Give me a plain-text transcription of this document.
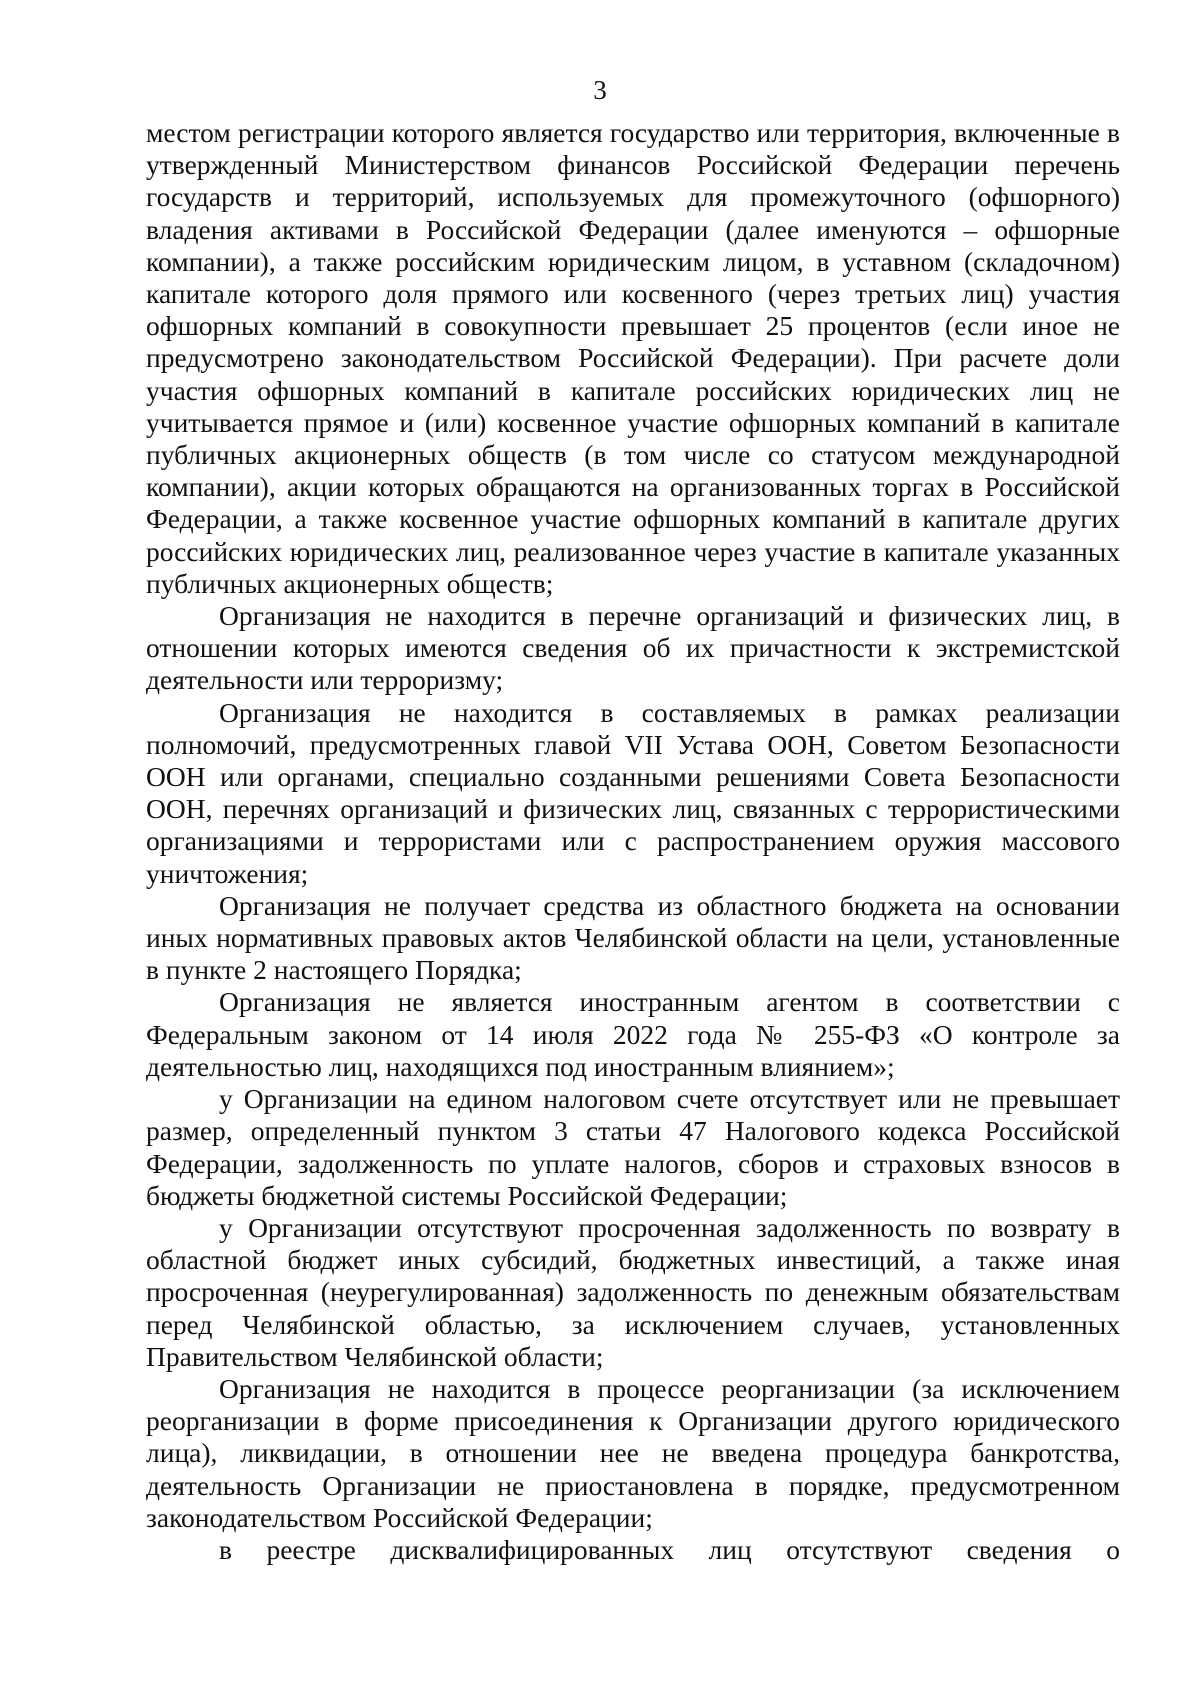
3

местом регистрации которого является государство или территория, включенные в утвержденный Министерством финансов Российской Федерации перечень государств и территорий, используемых для промежуточного (офшорного) владения активами в Российской Федерации (далее именуются – офшорные компании), а также российским юридическим лицом, в уставном (складочном) капитале которого доля прямого или косвенного (через третьих лиц) участия офшорных компаний в совокупности превышает 25 процентов (если иное не предусмотрено законодательством Российской Федерации). При расчете доли участия офшорных компаний в капитале российских юридических лиц не учитывается прямое и (или) косвенное участие офшорных компаний в капитале публичных акционерных обществ (в том числе со статусом международной компании), акции которых обращаются на организованных торгах в Российской Федерации, а также косвенное участие офшорных компаний в капитале других российских юридических лиц, реализованное через участие в капитале указанных публичных акционерных обществ;

Организация не находится в перечне организаций и физических лиц, в отношении которых имеются сведения об их причастности к экстремистской деятельности или терроризму;

Организация не находится в составляемых в рамках реализации полномочий, предусмотренных главой VII Устава ООН, Советом Безопасности ООН или органами, специально созданными решениями Совета Безопасности ООН, перечнях организаций и физических лиц, связанных с террористическими организациями и террористами или с распространением оружия массового уничтожения;

Организация не получает средства из областного бюджета на основании иных нормативных правовых актов Челябинской области на цели, установленные в пункте 2 настоящего Порядка;

Организация не является иностранным агентом в соответствии с Федеральным законом от 14 июля 2022 года № 255-ФЗ «О контроле за деятельностью лиц, находящихся под иностранным влиянием»;

у Организации на едином налоговом счете отсутствует или не превышает размер, определенный пунктом 3 статьи 47 Налогового кодекса Российской Федерации, задолженность по уплате налогов, сборов и страховых взносов в бюджеты бюджетной системы Российской Федерации;

у Организации отсутствуют просроченная задолженность по возврату в областной бюджет иных субсидий, бюджетных инвестиций, а также иная просроченная (неурегулированная) задолженность по денежным обязательствам перед Челябинской областью, за исключением случаев, установленных Правительством Челябинской области;

Организация не находится в процессе реорганизации (за исключением реорганизации в форме присоединения к Организации другого юридического лица), ликвидации, в отношении нее не введена процедура банкротства, деятельность Организации не приостановлена в порядке, предусмотренном законодательством Российской Федерации;

в реестре дисквалифицированных лиц отсутствуют сведения о
